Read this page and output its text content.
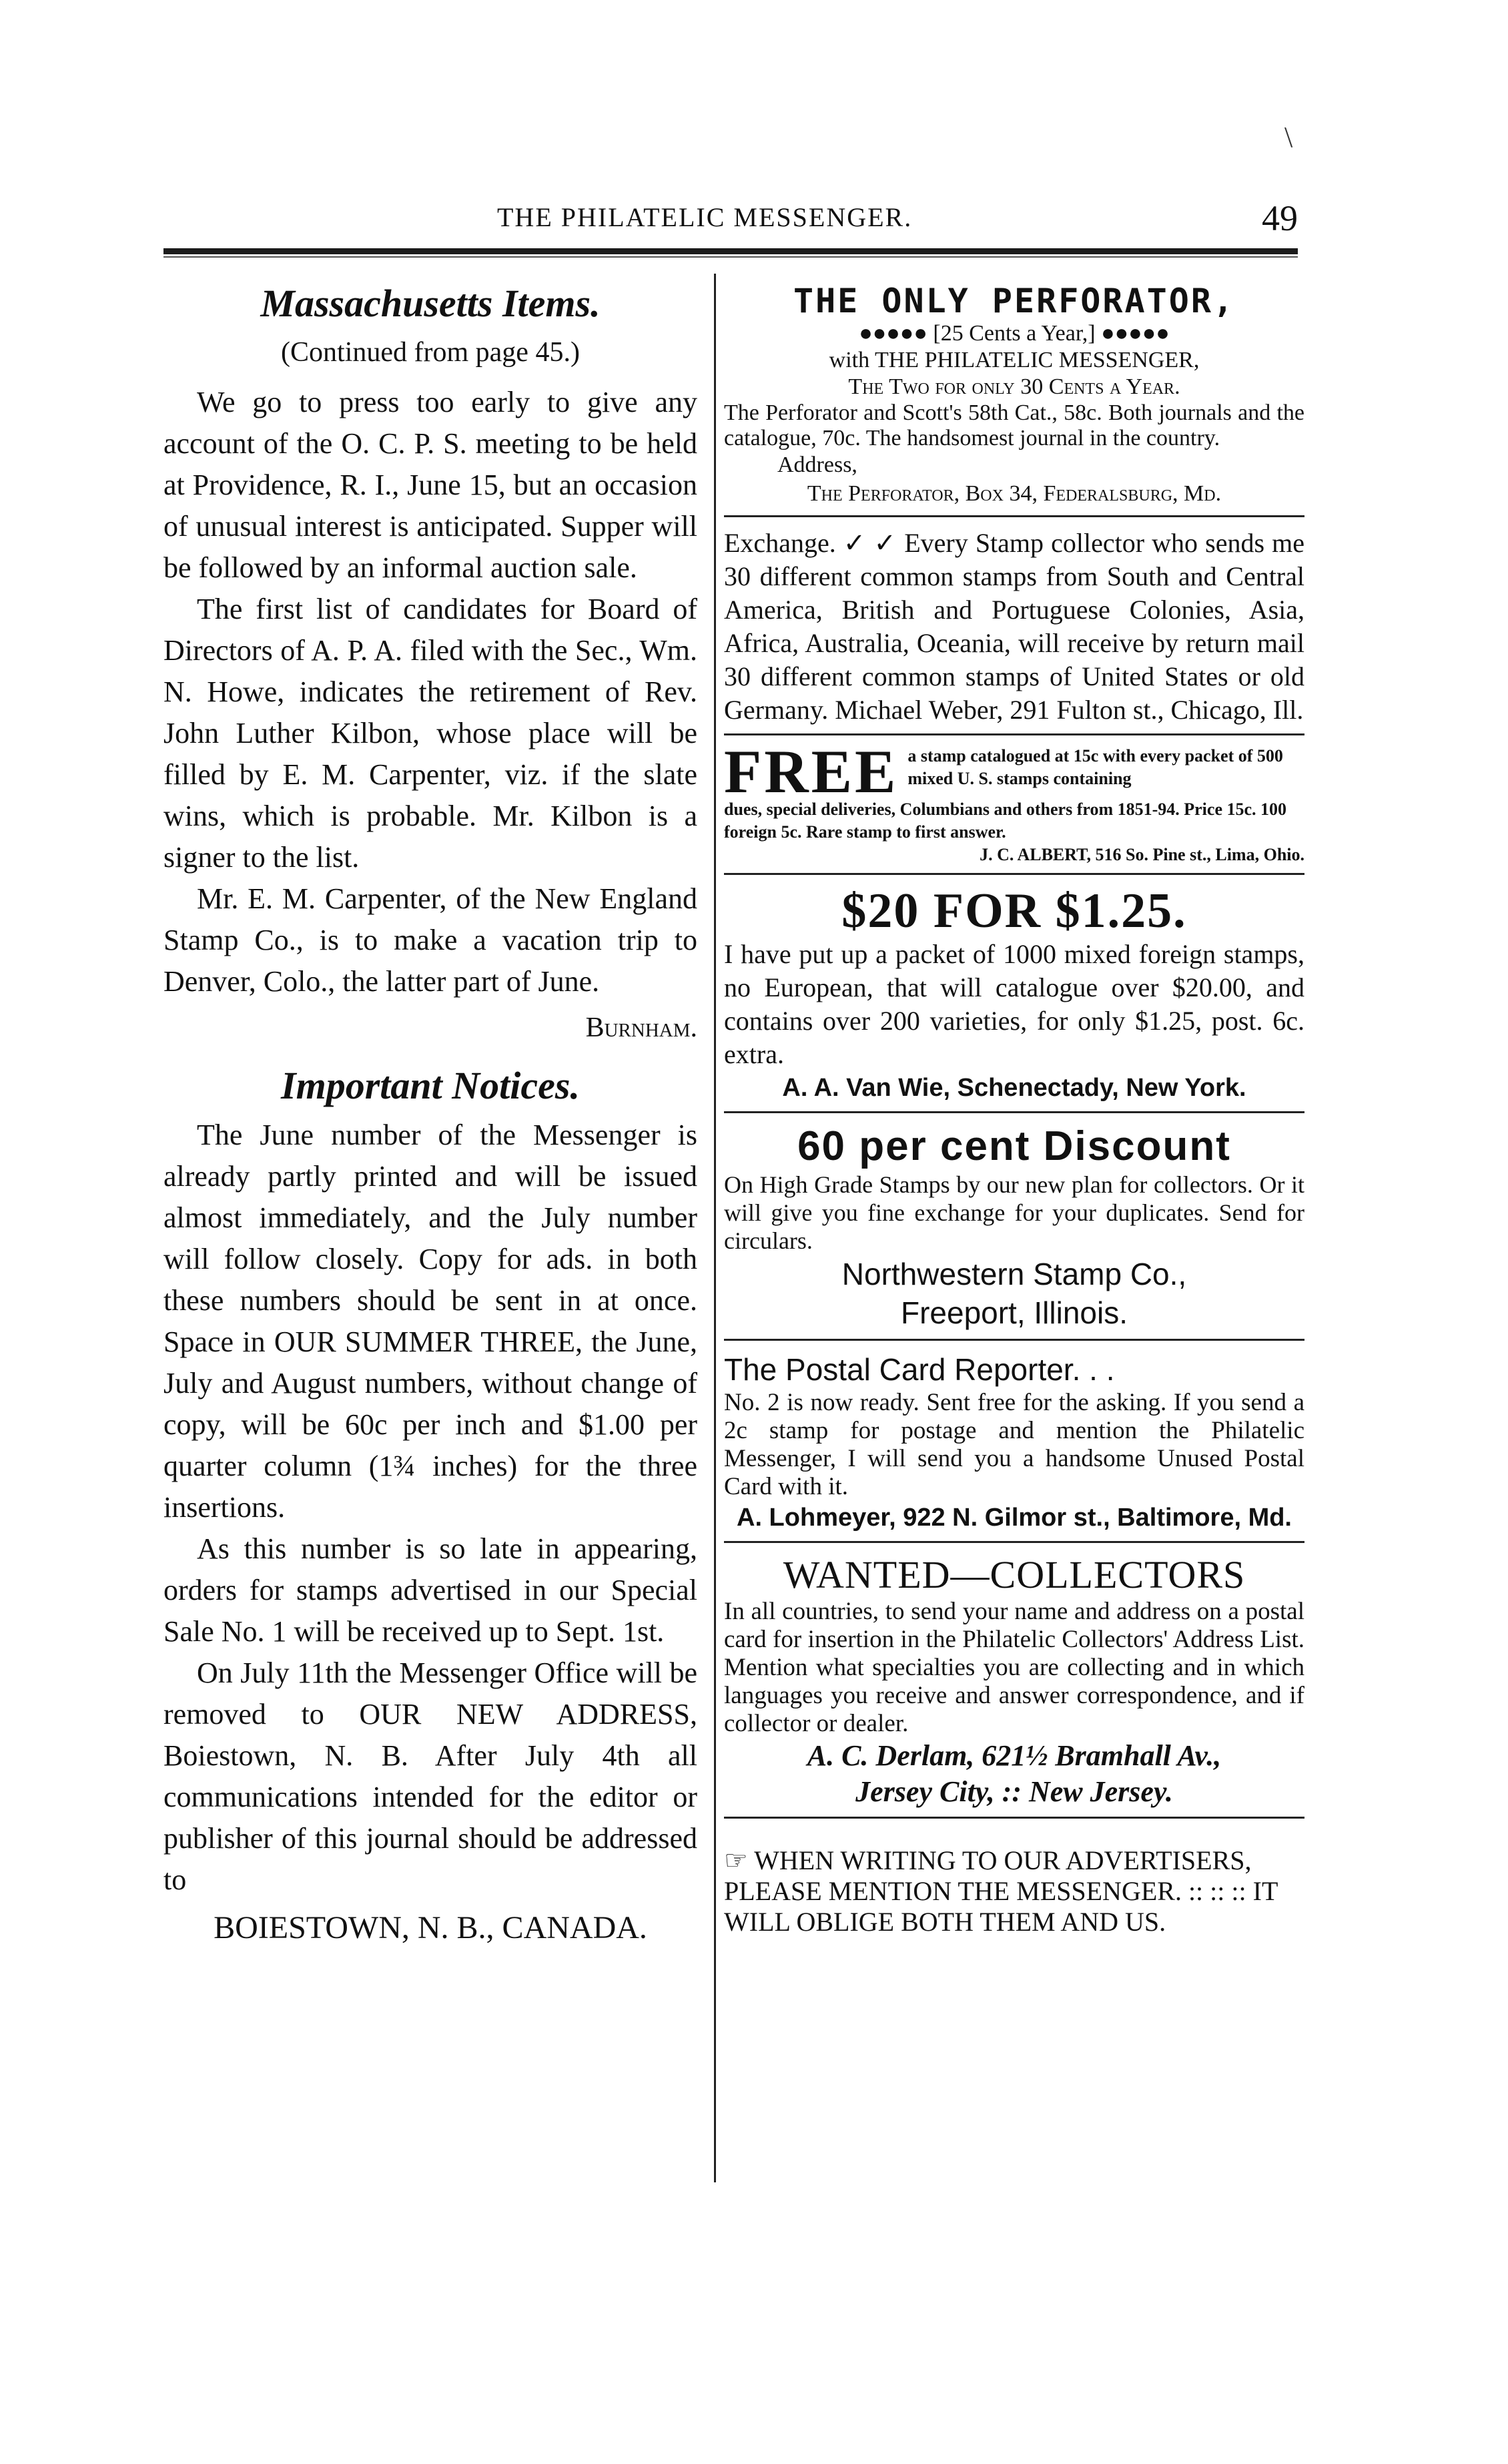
\
THE PHILATELIC MESSENGER.	49
Massachusetts Items.
(Continued from page 45.)

We go to press too early to give any account of the O. C. P. S. meeting to be held at Providence, R. I., June 15, but an occasion of unusual interest is anticipated. Supper will be followed by an informal auction sale.

The first list of candidates for Board of Directors of A. P. A. filed with the Sec., Wm. N. Howe, indicates the retirement of Rev. John Luther Kilbon, whose place will be filled by E. M. Carpenter, viz. if the slate wins, which is probable. Mr. Kilbon is a signer to the list.

Mr. E. M. Carpenter, of the New England Stamp Co., is to make a vacation trip to Denver, Colo., the latter part of June.

Burnham.
Important Notices.

The June number of the Messenger is already partly printed and will be issued almost immediately, and the July number will follow closely. Copy for ads. in both these numbers should be sent in at once. Space in OUR SUMMER THREE, the June, July and August numbers, without change of copy, will be 60c per inch and $1.00 per quarter column (1¾ inches) for the three insertions.

As this number is so late in appearing, orders for stamps advertised in our Special Sale No. 1 will be received up to Sept. 1st.

On July 11th the Messenger Office will be removed to OUR NEW ADDRESS, Boiestown, N. B. After July 4th all communications intended for the editor or publisher of this journal should be addressed to

BOIESTOWN, N. B., CANADA.
THE ONLY PERFORATOR,
●●●●● [25 Cents a Year,] ●●●●●
with THE PHILATELIC MESSENGER,
The Two for only 30 Cents a Year.

The Perforator and Scott's 58th Cat., 58c. Both journals and the catalogue, 70c. The handsomest journal in the country.

Address,
The Perforator, Box 34, Federalsburg, Md.

Exchange. ✓ ✓ Every Stamp collector who sends me 30 different common stamps from South and Central America, British and Portuguese Colonies, Asia, Africa, Australia, Oceania, will receive by return mail 30 different common stamps of United States or old Germany. Michael Weber, 291 Fulton st., Chicago, Ill.

FREE a stamp catalogued at 15c with every packet of 500 mixed U. S. stamps containing
dues, special deliveries, Columbians and others from 1851-94. Price 15c. 100 foreign 5c. Rare stamp to first answer.
J. C. ALBERT, 516 So. Pine st., Lima, Ohio.
$20 FOR $1.25.

I have put up a packet of 1000 mixed foreign stamps, no European, that will catalogue over $20.00, and contains over 200 varieties, for only $1.25, post. 6c. extra.

A. A. Van Wie, Schenectady, New York.
60 per cent Discount

On High Grade Stamps by our new plan for collectors. Or it will give you fine exchange for your duplicates. Send for circulars.

Northwestern Stamp Co.,
Freeport, Illinois.
The Postal Card Reporter. . .

No. 2 is now ready. Sent free for the asking. If you send a 2c stamp for postage and mention the Philatelic Messenger, I will send you a handsome Unused Postal Card with it.

A. Lohmeyer, 922 N. Gilmor st., Baltimore, Md.
WANTED—COLLECTORS

In all countries, to send your name and address on a postal card for insertion in the Philatelic Collectors' Address List. Mention what specialties you are collecting and in which languages you receive and answer correspondence, and if collector or dealer.

A. C. Derlam, 621½ Bramhall Av.,
Jersey City, :: New Jersey.

☞ WHEN WRITING TO OUR ADVERTISERS, PLEASE MENTION THE MESSENGER. :: :: :: IT WILL OBLIGE BOTH THEM AND US.
